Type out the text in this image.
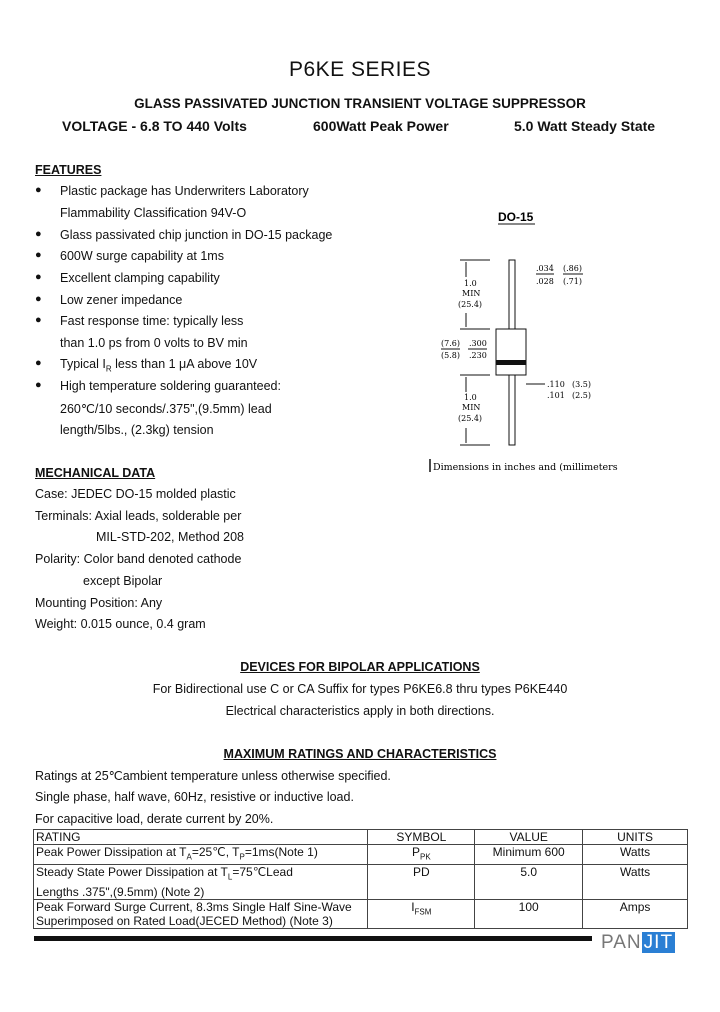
P6KE SERIES
GLASS PASSIVATED JUNCTION TRANSIENT VOLTAGE SUPPRESSOR
VOLTAGE - 6.8 TO 440 Volts	600Watt Peak Power	5.0 Watt Steady State
FEATURES
● Plastic package has Underwriters Laboratory
Flammability Classification 94V-O
● Glass passivated chip junction in DO-15 package
● 600W surge capability at 1ms
● Excellent clamping capability
● Low zener impedance
● Fast response time: typically less
than 1.0 ps from 0 volts to BV min
● Typical $I_R$ less than 1 μA above 10V
● High temperature soldering guaranteed:
260℃/10 seconds/.375",(9.5mm) lead
length/5lbs., (2.3kg) tension
DO-15
1.0
MIN
(25.4)
.034
.028
(.86)
(.71)
(7.6)
(5.8)
.300
.230
1.0
MIN
(25.4)
.110
.101
(3.5)
(2.5)
Dimensions in inches and (millimeters
MECHANICAL DATA
Case: JEDEC DO-15 molded plastic
Terminals: Axial leads, solderable per
MIL-STD-202, Method 208
Polarity: Color band denoted cathode
except Bipolar
Mounting Position: Any
Weight: 0.015 ounce, 0.4 gram
DEVICES FOR BIPOLAR APPLICATIONS
For Bidirectional use C or CA Suffix for types P6KE6.8 thru types P6KE440
Electrical characteristics apply in both directions.
MAXIMUM RATINGS AND CHARACTERISTICS
Ratings at 25℃ambient temperature unless otherwise specified.
Single phase, half wave, 60Hz, resistive or inductive load.
For capacitive load, derate current by 20%.
RATING	SYMBOL	VALUE	UNITS
Peak Power Dissipation at $T_A=25℃$, $T_P=1ms(Note$ 1)	$P_{PK}$	Minimum 600	Watts
Steady State Power Dissipation at $T_L=75℃Lead$
Lengths .375",(9.5mm) (Note 2)	PD	5.0	Watts
Peak Forward Surge Current, 8.3ms Single Half Sine-Wave
Superimposed on Rated Load(JECED Method) (Note 3)	$I_{FSM}$	100	Amps
PAN JIT
